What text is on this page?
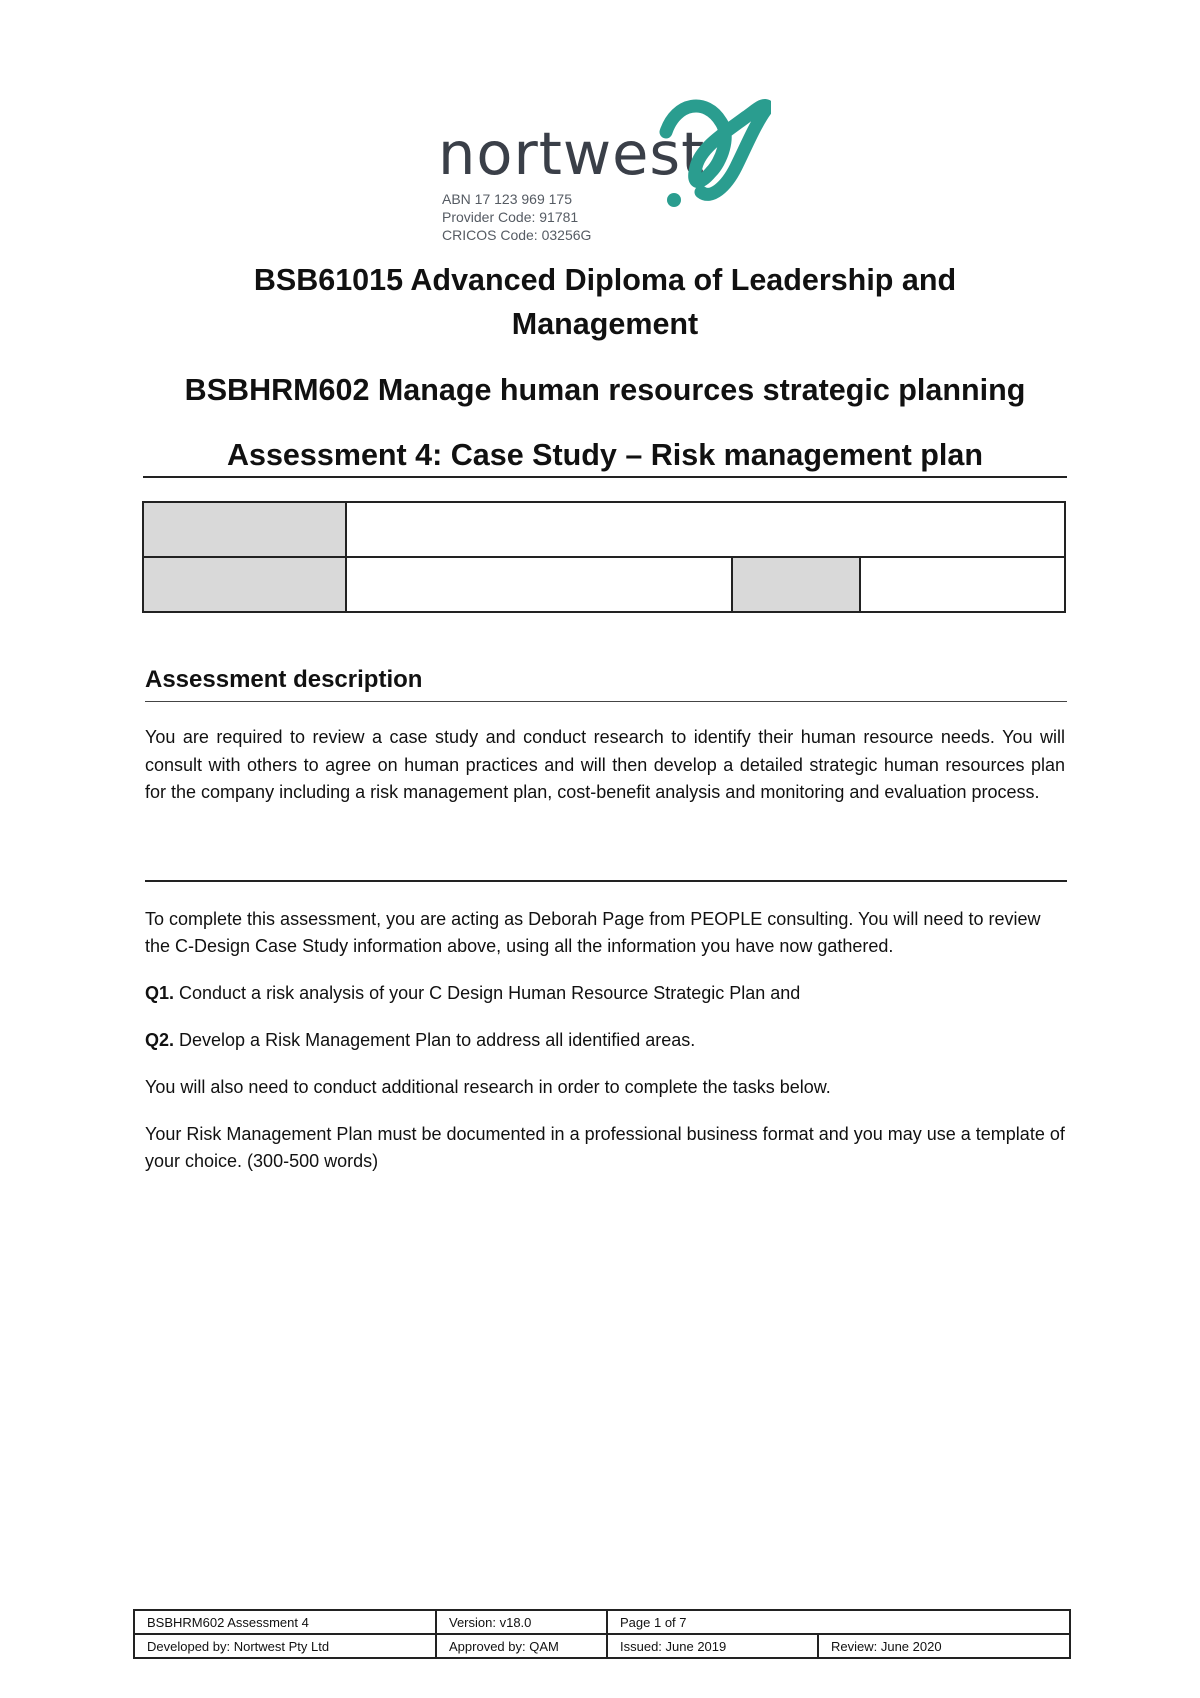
nortwest
ABN 17 123 969 175
Provider Code: 91781
CRICOS Code: 03256G
BSB61015 Advanced Diploma of Leadership and
Management
BSBHRM602 Manage human resources strategic planning
Assessment 4: Case Study – Risk management plan

Assessment description

You are required to review a case study and conduct research to identify their human resource needs. You will consult with others to agree on human practices and will then develop a detailed strategic human resources plan for the company including a risk management plan, cost-benefit analysis and monitoring and evaluation process.

To complete this assessment, you are acting as Deborah Page from PEOPLE consulting. You will need to review the C-Design Case Study information above, using all the information you have now gathered.

Q1. Conduct a risk analysis of your C Design Human Resource Strategic Plan and

Q2. Develop a Risk Management Plan to address all identified areas.

You will also need to conduct additional research in order to complete the tasks below.

Your Risk Management Plan must be documented in a professional business format and you may use a template of your choice. (300-500 words)

BSBHRM602 Assessment 4	Version: v18.0	Page 1 of 7	
Developed by: Nortwest Pty Ltd	Approved by: QAM	Issued: June 2019	Review: June 2020
